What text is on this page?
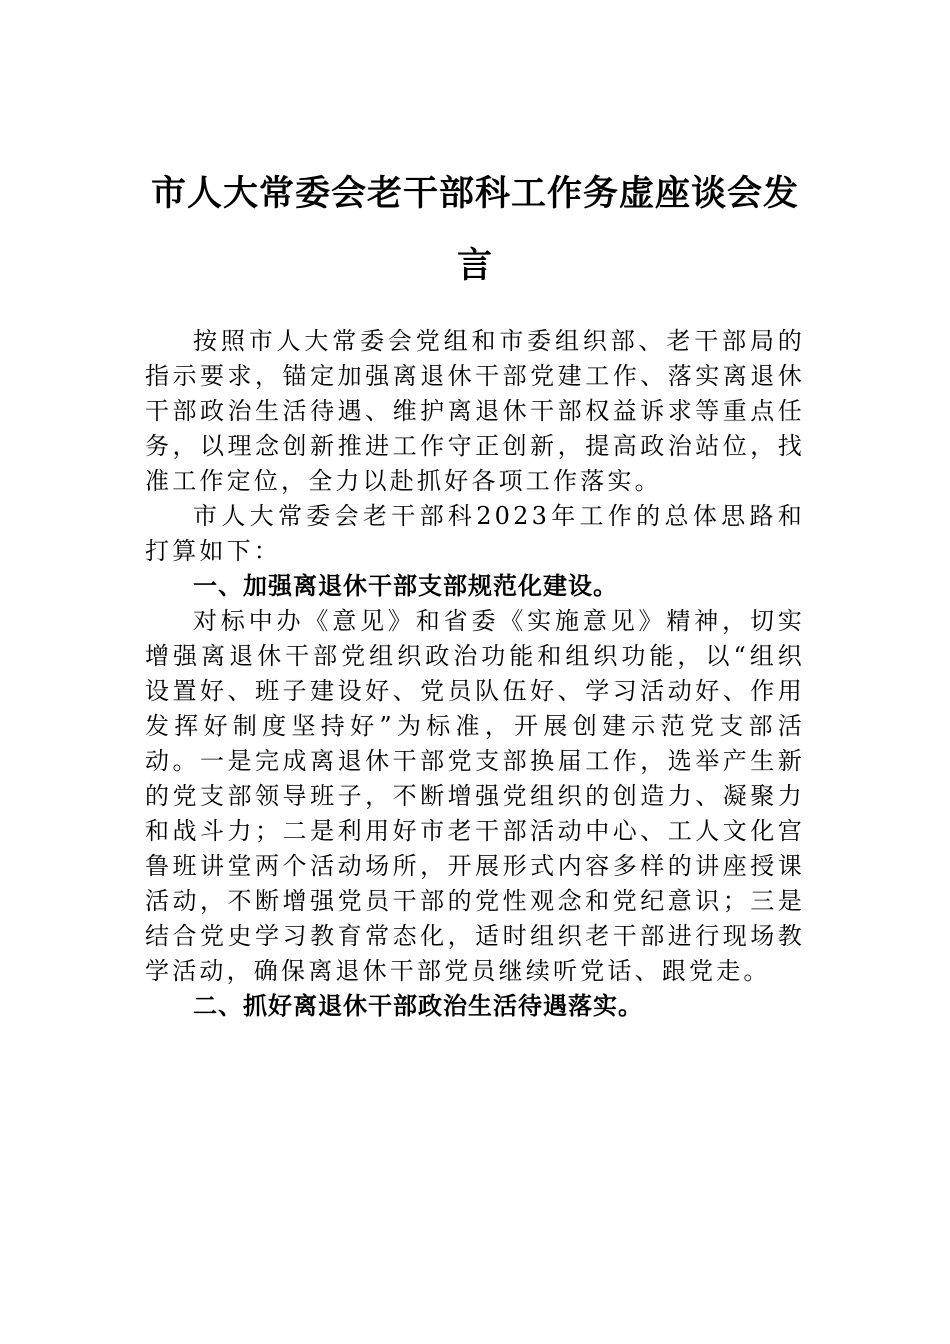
市人大常委会老干部科工作务虚座谈会发言

按照市人大常委会党组和市委组织部、老干部局的指示要求，锚定加强离退休干部党建工作、落实离退休干部政治生活待遇、维护离退休干部权益诉求等重点任务，以理念创新推进工作守正创新，提高政治站位，找准工作定位，全力以赴抓好各项工作落实。

市人大常委会老干部科2023年工作的总体思路和打算如下：

一、加强离退休干部支部规范化建设。

对标中办《意见》和省委《实施意见》精神，切实增强离退休干部党组织政治功能和组织功能，以“组织设置好、班子建设好、党员队伍好、学习活动好、作用发挥好制度坚持好”为标准，开展创建示范党支部活动。一是完成离退休干部党支部换届工作，选举产生新的党支部领导班子，不断增强党组织的创造力、凝聚力和战斗力；二是利用好市老干部活动中心、工人文化宫鲁班讲堂两个活动场所，开展形式内容多样的讲座授课活动，不断增强党员干部的党性观念和党纪意识；三是结合党史学习教育常态化，适时组织老干部进行现场教学活动，确保离退休干部党员继续听党话、跟党走。

二、抓好离退休干部政治生活待遇落实。
